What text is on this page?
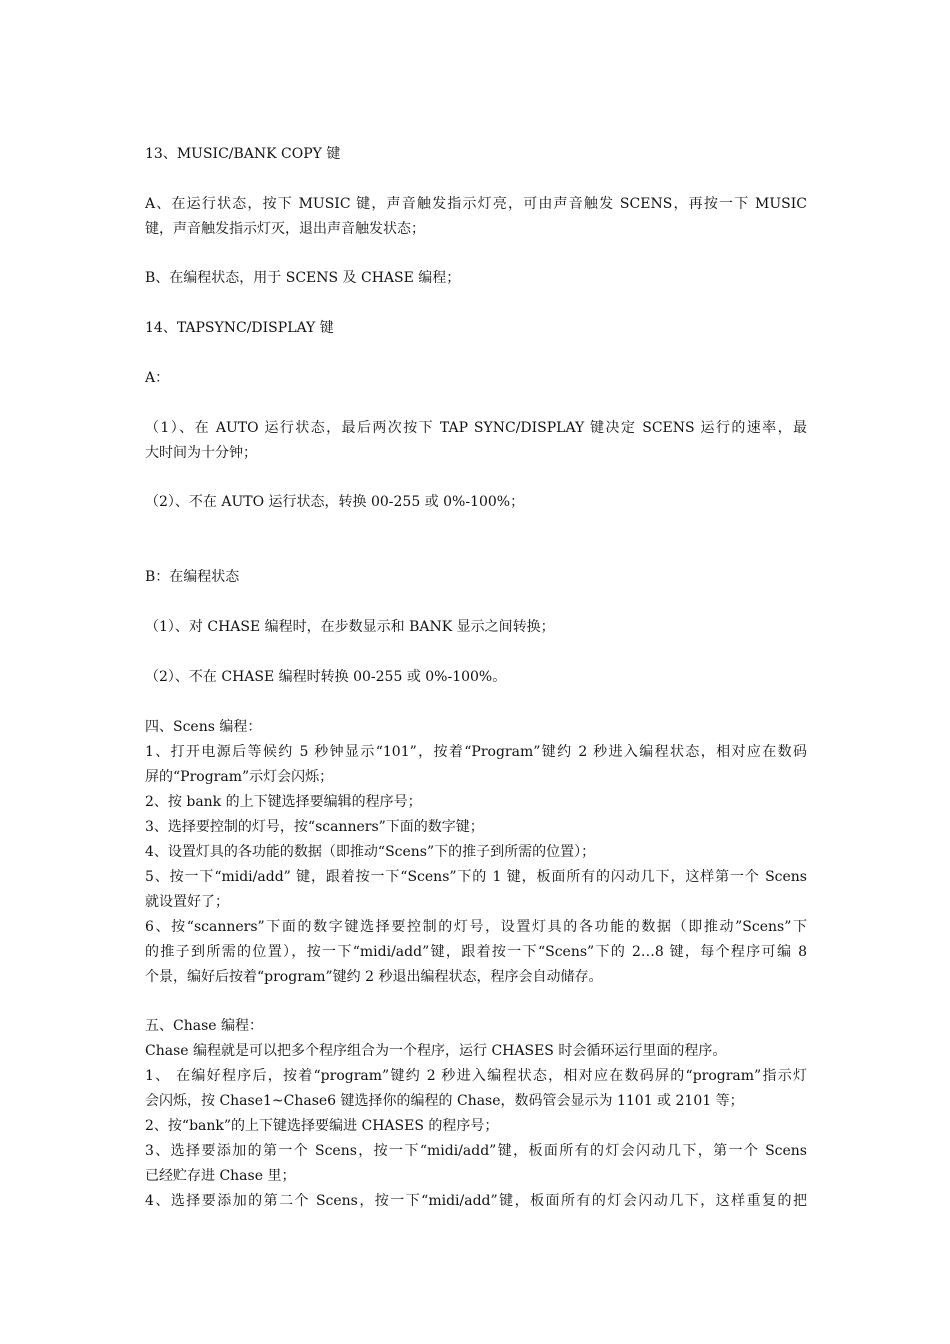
13、MUSIC/BANK COPY 键
A、在运行状态，按下 MUSIC 键，声音触发指示灯亮，可由声音触发 SCENS，再按一下 MUSIC
键，声音触发指示灯灭，退出声音触发状态；
B、在编程状态，用于 SCENS 及 CHASE 编程；
14、TAPSYNC/DISPLAY 键
A：
（1）、在 AUTO 运行状态，最后两次按下 TAP SYNC/DISPLAY 键决定 SCENS 运行的速率，最
大时间为十分钟；
（2）、不在 AUTO 运行状态，转换 00-255 或 0%-100%；
B：在编程状态
（1）、对 CHASE 编程时，在步数显示和 BANK 显示之间转换；
（2）、不在 CHASE 编程时转换 00-255 或 0%-100%。
四、Scens 编程：
1、打开电源后等候约 5 秒钟显示“101”，按着“Program”键约 2 秒进入编程状态，相对应在数码
屏的“Program”示灯会闪烁；
2、按 bank 的上下键选择要编辑的程序号；
3、选择要控制的灯号，按“scanners”下面的数字键；
4、设置灯具的各功能的数据（即推动“Scens”下的推子到所需的位置）；
5、按一下“midi/add” 键，跟着按一下“Scens”下的 1 键，板面所有的闪动几下，这样第一个 Scens
就设置好了；
6、按“scanners”下面的数字键选择要控制的灯号，设置灯具的各功能的数据（即推动”Scens”下
的推子到所需的位置），按一下“midi/add”键，跟着按一下“Scens”下的 2…8 键，每个程序可编 8
个景，编好后按着“program”键约 2 秒退出编程状态，程序会自动储存。
五、Chase 编程：
Chase 编程就是可以把多个程序组合为一个程序，运行 CHASES 时会循环运行里面的程序。
1、 在编好程序后，按着“program”键约 2 秒进入编程状态，相对应在数码屏的“program”指示灯
会闪烁，按 Chase1~Chase6 键选择你的编程的 Chase，数码管会显示为 1101 或 2101 等；
2、按“bank”的上下键选择要编进 CHASES 的程序号；
3、选择要添加的第一个 Scens，按一下“midi/add”键，板面所有的灯会闪动几下，第一个 Scens
已经贮存进 Chase 里；
4、选择要添加的第二个 Scens，按一下“midi/add”键，板面所有的灯会闪动几下，这样重复的把
